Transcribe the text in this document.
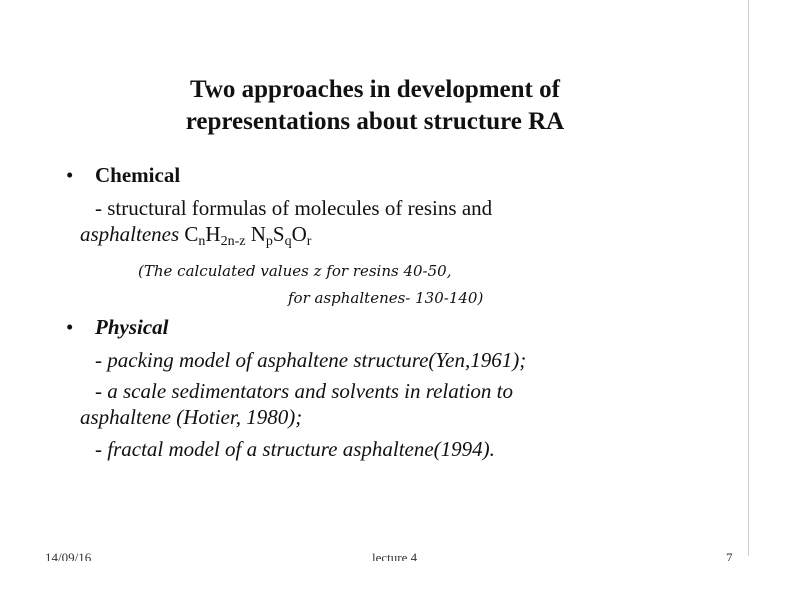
Two approaches in development of
representations about structure RA
• Chemical
- structural formulas of molecules of resins and
asphaltenes $C_nH_{2n-z}$ $N_pS_qO_r$
(The calculated values z for resins 40-50,
for asphaltenes- 130-140)
• Physical
- packing model of asphaltene structure(Yen,1961);
- a scale sedimentators and solvents in relation to
asphaltene (Hotier, 1980);
- fractal model of a structure asphaltene(1994).
14/09/16	lecture 4	7
